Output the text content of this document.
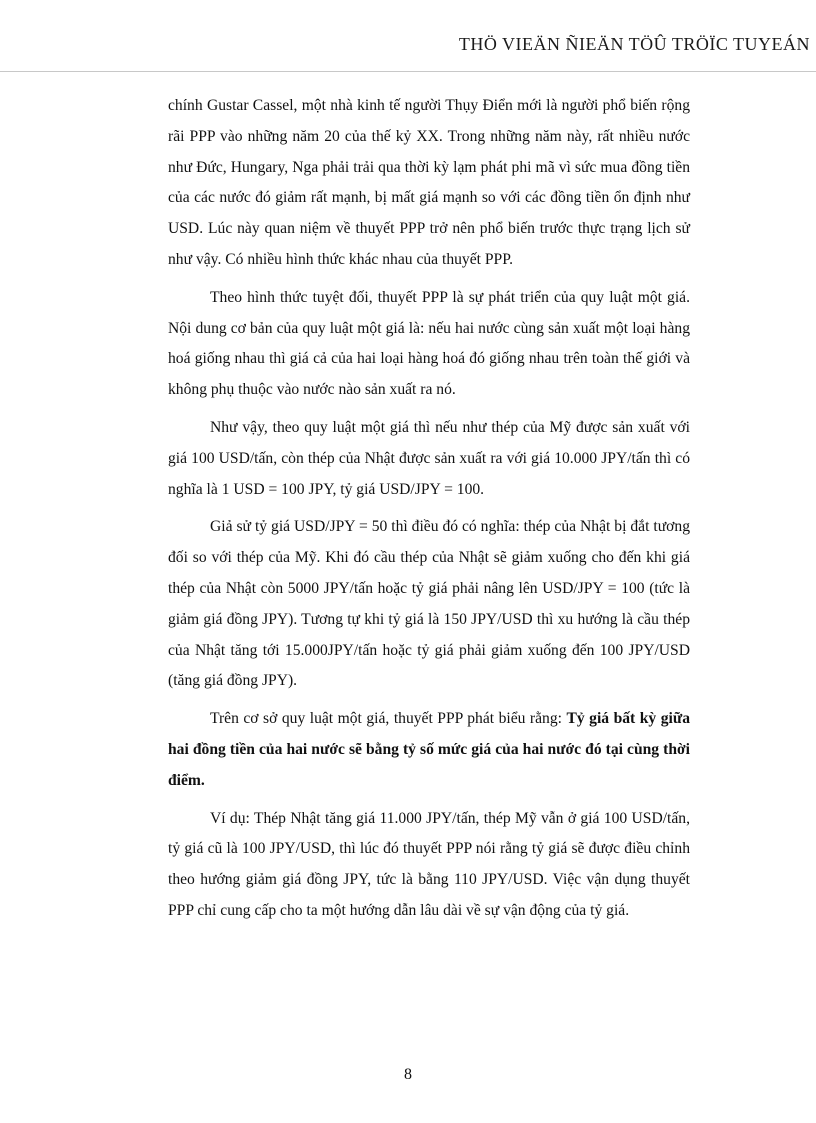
THÖ VIEÄN ÑIEÄN TÖÛ TRÖÏC TUYEÁN

chính Gustar Cassel, một nhà kinh tế người Thụy Điển mới là người phổ biến rộng rãi PPP vào những năm 20 của thế kỷ XX. Trong những năm này, rất nhiều nước như Đức, Hungary, Nga phải trải qua thời kỳ lạm phát phi mã vì sức mua đồng tiền của các nước đó giảm rất mạnh, bị mất giá mạnh so với các đồng tiền ổn định như USD. Lúc này quan niệm về thuyết PPP trở nên phổ biến trước thực trạng lịch sử như vậy. Có nhiều hình thức khác nhau của thuyết PPP.

Theo hình thức tuyệt đối, thuyết PPP là sự phát triển của quy luật một giá. Nội dung cơ bản của quy luật một giá là: nếu hai nước cùng sản xuất một loại hàng hoá giống nhau thì giá cả của hai loại hàng hoá đó giống nhau trên toàn thế giới và không phụ thuộc vào nước nào sản xuất ra nó.

Như vậy, theo quy luật một giá thì nếu như thép của Mỹ được sản xuất với giá 100 USD/tấn, còn thép của Nhật được sản xuất ra với giá 10.000 JPY/tấn thì có nghĩa là 1 USD = 100 JPY, tỷ giá USD/JPY = 100.

Giả sử tỷ giá USD/JPY = 50 thì điều đó có nghĩa: thép của Nhật bị đắt tương đối so với thép của Mỹ. Khi đó cầu thép của Nhật sẽ giảm xuống cho đến khi giá thép của Nhật còn 5000 JPY/tấn hoặc tỷ giá phải nâng lên USD/JPY = 100 (tức là giảm giá đồng JPY). Tương tự khi tỷ giá là 150 JPY/USD thì xu hướng là cầu thép của Nhật tăng tới 15.000JPY/tấn hoặc tỷ giá phải giảm xuống đến 100 JPY/USD (tăng giá đồng JPY).

Trên cơ sở quy luật một giá, thuyết PPP phát biểu rằng: Tỷ giá bất kỳ giữa hai đồng tiền của hai nước sẽ bằng tỷ số mức giá của hai nước đó tại cùng thời điểm.

Ví dụ: Thép Nhật tăng giá 11.000 JPY/tấn, thép Mỹ vẫn ở giá 100 USD/tấn, tỷ giá cũ là 100 JPY/USD, thì lúc đó thuyết PPP nói rằng tỷ giá sẽ được điều chỉnh theo hướng giảm giá đồng JPY, tức là bằng 110 JPY/USD. Việc vận dụng thuyết PPP chỉ cung cấp cho ta một hướng dẫn lâu dài về sự vận động của tỷ giá.

8
